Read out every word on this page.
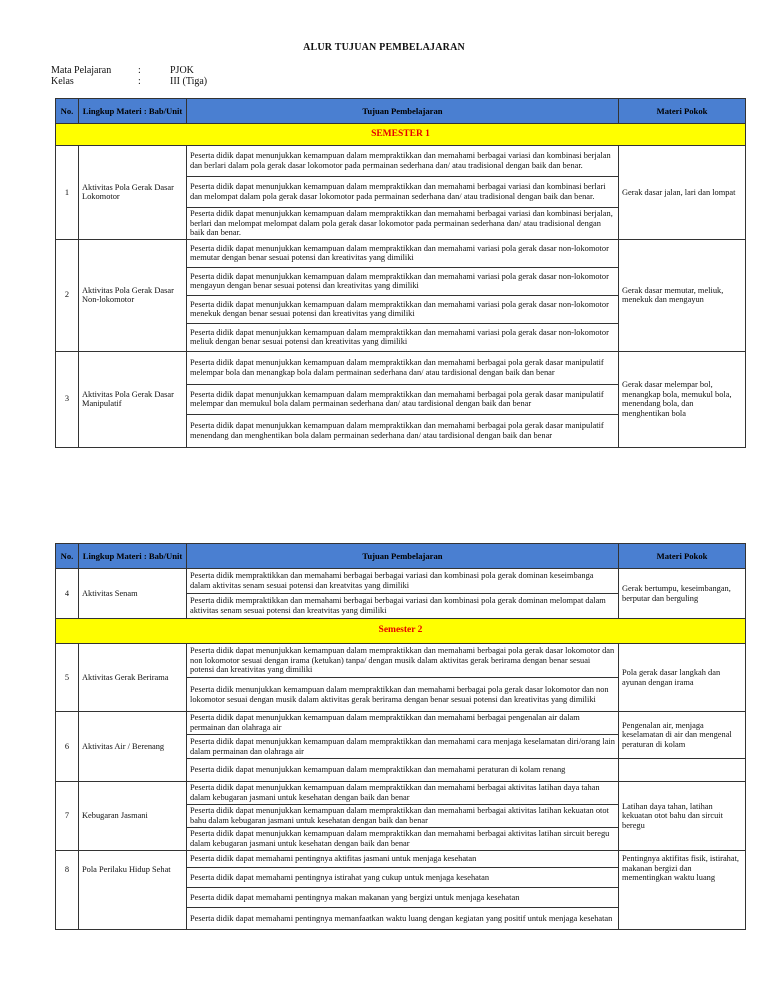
ALUR TUJUAN PEMBELAJARAN
Mata Pelajaran	:	PJOK
Kelas	:	III (Tiga)
No.	Lingkup Materi : Bab/Unit	Tujuan Pembelajaran	Materi Pokok
SEMESTER 1			
1	Aktivitas Pola Gerak Dasar Lokomotor	Peserta didik dapat menunjukkan kemampuan dalam mempraktikkan dan memahami berbagai variasi dan kombinasi berjalan dan berlari dalam pola gerak dasar lokomotor pada permainan sederhana dan/ atau tradisional dengan baik dan benar.	Gerak dasar jalan, lari dan lompat
		Peserta didik dapat menunjukkan kemampuan dalam mempraktikkan dan memahami berbagai variasi dan kombinasi berlari dan melompat dalam pola gerak dasar lokomotor pada permainan sederhana dan/ atau tradisional dengan baik dan benar.	
		Peserta didik dapat menunjukkan kemampuan dalam mempraktikkan dan memahami berbagai variasi dan kombinasi berjalan, berlari dan melompat melompat dalam pola gerak dasar lokomotor pada permainan sederhana dan/ atau tradisional dengan baik dan benar.	
2	Aktivitas Pola Gerak Dasar Non-lokomotor	Peserta didik dapat menunjukkan kemampuan dalam mempraktikkan dan memahami variasi pola gerak dasar non-lokomotor memutar dengan benar sesuai potensi dan kreativitas yang dimiliki	Gerak dasar memutar, meliuk, menekuk dan mengayun
		Peserta didik dapat menunjukkan kemampuan dalam mempraktikkan dan memahami variasi pola gerak dasar non-lokomotor mengayun dengan benar sesuai potensi dan kreativitas yang dimiliki	
		Peserta didik dapat menunjukkan kemampuan dalam mempraktikkan dan memahami variasi pola gerak dasar non-lokomotor menekuk dengan benar sesuai potensi dan kreativitas yang dimiliki	
		Peserta didik dapat menunjukkan kemampuan dalam mempraktikkan dan memahami variasi pola gerak dasar non-lokomotor meliuk dengan benar sesuai potensi dan kreativitas yang dimiliki	
3	Aktivitas Pola Gerak Dasar Manipulatif	Peserta didik dapat menunjukkan kemampuan dalam mempraktikkan dan memahami berbagai pola gerak dasar manipulatif melempar bola dan menangkap bola dalam permainan sederhana dan/ atau tardisional dengan baik dan benar	Gerak dasar melempar bol, menangkap bola, memukul bola, menendang bola, dan menghentikan bola
		Peserta didik dapat menunjukkan kemampuan dalam mempraktikkan dan memahami berbagai pola gerak dasar manipulatif melempar dan memukul bola dalam permainan sederhana dan/ atau tardisional dengan baik dan benar	
		Peserta didik dapat menunjukkan kemampuan dalam mempraktikkan dan memahami berbagai pola gerak dasar manipulatif menendang dan menghentikan bola dalam permainan sederhana dan/ atau tardisional dengan baik dan benar	
No.	Lingkup Materi : Bab/Unit	Tujuan Pembelajaran	Materi Pokok
4	Aktivitas Senam	Peserta didik mempraktikkan dan memahami berbagai berbagai variasi dan kombinasi pola gerak dominan keseimbanga dalam aktivitas senam sesuai potensi dan kreatvitas yang dimiliki	Gerak bertumpu, keseimbangan, berputar dan berguling
		Peserta didik mempraktikkan dan memahami berbagai berbagai variasi dan kombinasi pola gerak dominan melompat dalam aktivitas senam sesuai potensi dan kreatvitas yang dimiliki	
Semester 2			
5	Aktivitas Gerak Berirama	Peserta didik dapat menunjukkan kemampuan dalam mempraktikkan dan memahami berbagai pola gerak dasar lokomotor dan non lokomotor sesuai dengan irama (ketukan) tanpa/ dengan musik dalam aktivitas gerak berirama dengan benar sesuai potensi dan kreativitas yang dimiliki	Pola gerak dasar langkah dan ayunan dengan irama
		Peserta didik menunjukkan kemampuan dalam mempraktikkan dan memahami berbagai pola gerak dasar lokomotor dan non lokomotor sesuai dengan musik dalam aktivitas gerak berirama dengan benar sesuai potensi dan kreativitas yang dimiliki	
6	Aktivitas Air / Berenang	Peserta didik dapat menunjukkan kemampuan dalam mempraktikkan dan memahami berbagai pengenalan air dalam permainan dan olahraga air	Pengenalan air, menjaga keselamatan di air dan mengenal peraturan di kolam
		Peserta didik dapat menunjukkan kemampuan dalam mempraktikkan dan memahami cara menjaga keselamatan diri/orang lain dalam permainan dan olahraga air	
		Peserta didik dapat menunjukkan kemampuan dalam mempraktikkan dan memahami peraturan di kolam renang	
7	Kebugaran Jasmani	Peserta didik dapat menunjukkan kemampuan dalam mempraktikkan dan memahami berbagai aktivitas latihan daya tahan dalam kebugaran jasmani untuk kesehatan dengan baik dan benar	Latihan daya tahan, latihan kekuatan otot bahu dan sircuit beregu
		Peserta didik dapat menunjukkan kemampuan dalam mempraktikkan dan memahami berbagai aktivitas latihan kekuatan otot bahu dalam kebugaran jasmani untuk kesehatan dengan baik dan benar	
		Peserta didik dapat menunjukkan kemampuan dalam mempraktikkan dan memahami berbagai aktivitas latihan sircuit beregu dalam kebugaran jasmani untuk kesehatan dengan baik dan benar	
8	Pola Perilaku Hidup Sehat	Peserta didik dapat memahami pentingnya aktifitas jasmani untuk menjaga kesehatan	Pentingnya aktifitas fisik, istirahat, makanan bergizi dan mementingkan waktu luang
		Peserta didik dapat memahami pentingnya istirahat yang cukup untuk menjaga kesehatan	
		Peserta didik dapat memahami pentingnya makan makanan yang bergizi untuk menjaga kesehatan	
		Peserta didik dapat memahami pentingnya memanfaatkan waktu luang dengan kegiatan yang positif untuk menjaga kesehatan	
